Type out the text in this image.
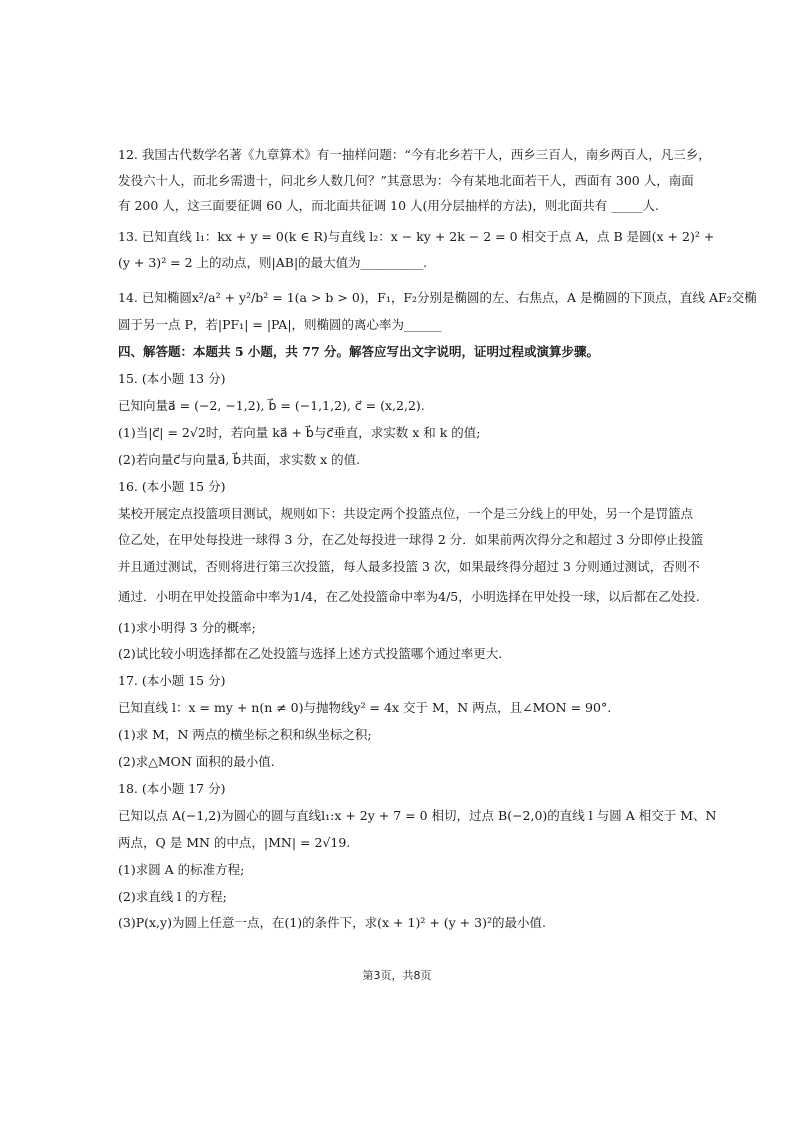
12. 我国古代数学名著《九章算术》有一抽样问题：“今有北乡若干人，西乡三百人，南乡两百人，凡三乡，
发役六十人，而北乡需遗十，问北乡人数几何？”其意思为：今有某地北面若干人，西面有 300 人，南面
有 200 人，这三面要征调 60 人，而北面共征调 10 人(用分层抽样的方法)，则北面共有 _____人.
13. 已知直线 l₁：kx + y = 0(k ∈ R)与直线 l₂：x − ky + 2k − 2 = 0 相交于点 A，点 B 是圆(x + 2)² +
(y + 3)² = 2 上的动点，则|AB|的最大值为__________.
14. 已知椭圆x²/a² + y²/b² = 1(a > b > 0)，F₁，F₂分别是椭圆的左、右焦点，A 是椭圆的下顶点，直线 AF₂交椭
圆于另一点 P，若|PF₁| = |PA|，则椭圆的离心率为______
四、解答题：本题共 5 小题，共 77 分。解答应写出文字说明，证明过程或演算步骤。
15. (本小题 13 分)
已知向量a⃗ = (−2, −1,2), b⃗ = (−1,1,2), c⃗ = (x,2,2).
(1)当|c⃗| = 2√2时，若向量 ka⃗ + b⃗与c⃗垂直，求实数 x 和 k 的值;
(2)若向量c⃗与向量a⃗, b⃗共面，求实数 x 的值.
16. (本小题 15 分)
某校开展定点投篮项目测试，规则如下：共设定两个投篮点位，一个是三分线上的甲处，另一个是罚篮点
位乙处，在甲处每投进一球得 3 分，在乙处每投进一球得 2 分．如果前两次得分之和超过 3 分即停止投篮
并且通过测试，否则将进行第三次投篮，每人最多投篮 3 次，如果最终得分超过 3 分则通过测试，否则不
通过．小明在甲处投篮命中率为1/4，在乙处投篮命中率为4/5，小明选择在甲处投一球，以后都在乙处投.
(1)求小明得 3 分的概率;
(2)试比较小明选择都在乙处投篮与选择上述方式投篮哪个通过率更大.
17. (本小题 15 分)
已知直线 l：x = my + n(n ≠ 0)与抛物线y² = 4x 交于 M，N 两点，且∠MON = 90°.
(1)求 M，N 两点的横坐标之积和纵坐标之积;
(2)求△MON 面积的最小值.
18. (本小题 17 分)
已知以点 A(−1,2)为圆心的圆与直线l₁:x + 2y + 7 = 0 相切，过点 B(−2,0)的直线 l 与圆 A 相交于 M、N
两点，Q 是 MN 的中点，|MN| = 2√19.
(1)求圆 A 的标准方程;
(2)求直线 l 的方程;
(3)P(x,y)为圆上任意一点，在(1)的条件下，求(x + 1)² + (y + 3)²的最小值.
第3页，共8页
